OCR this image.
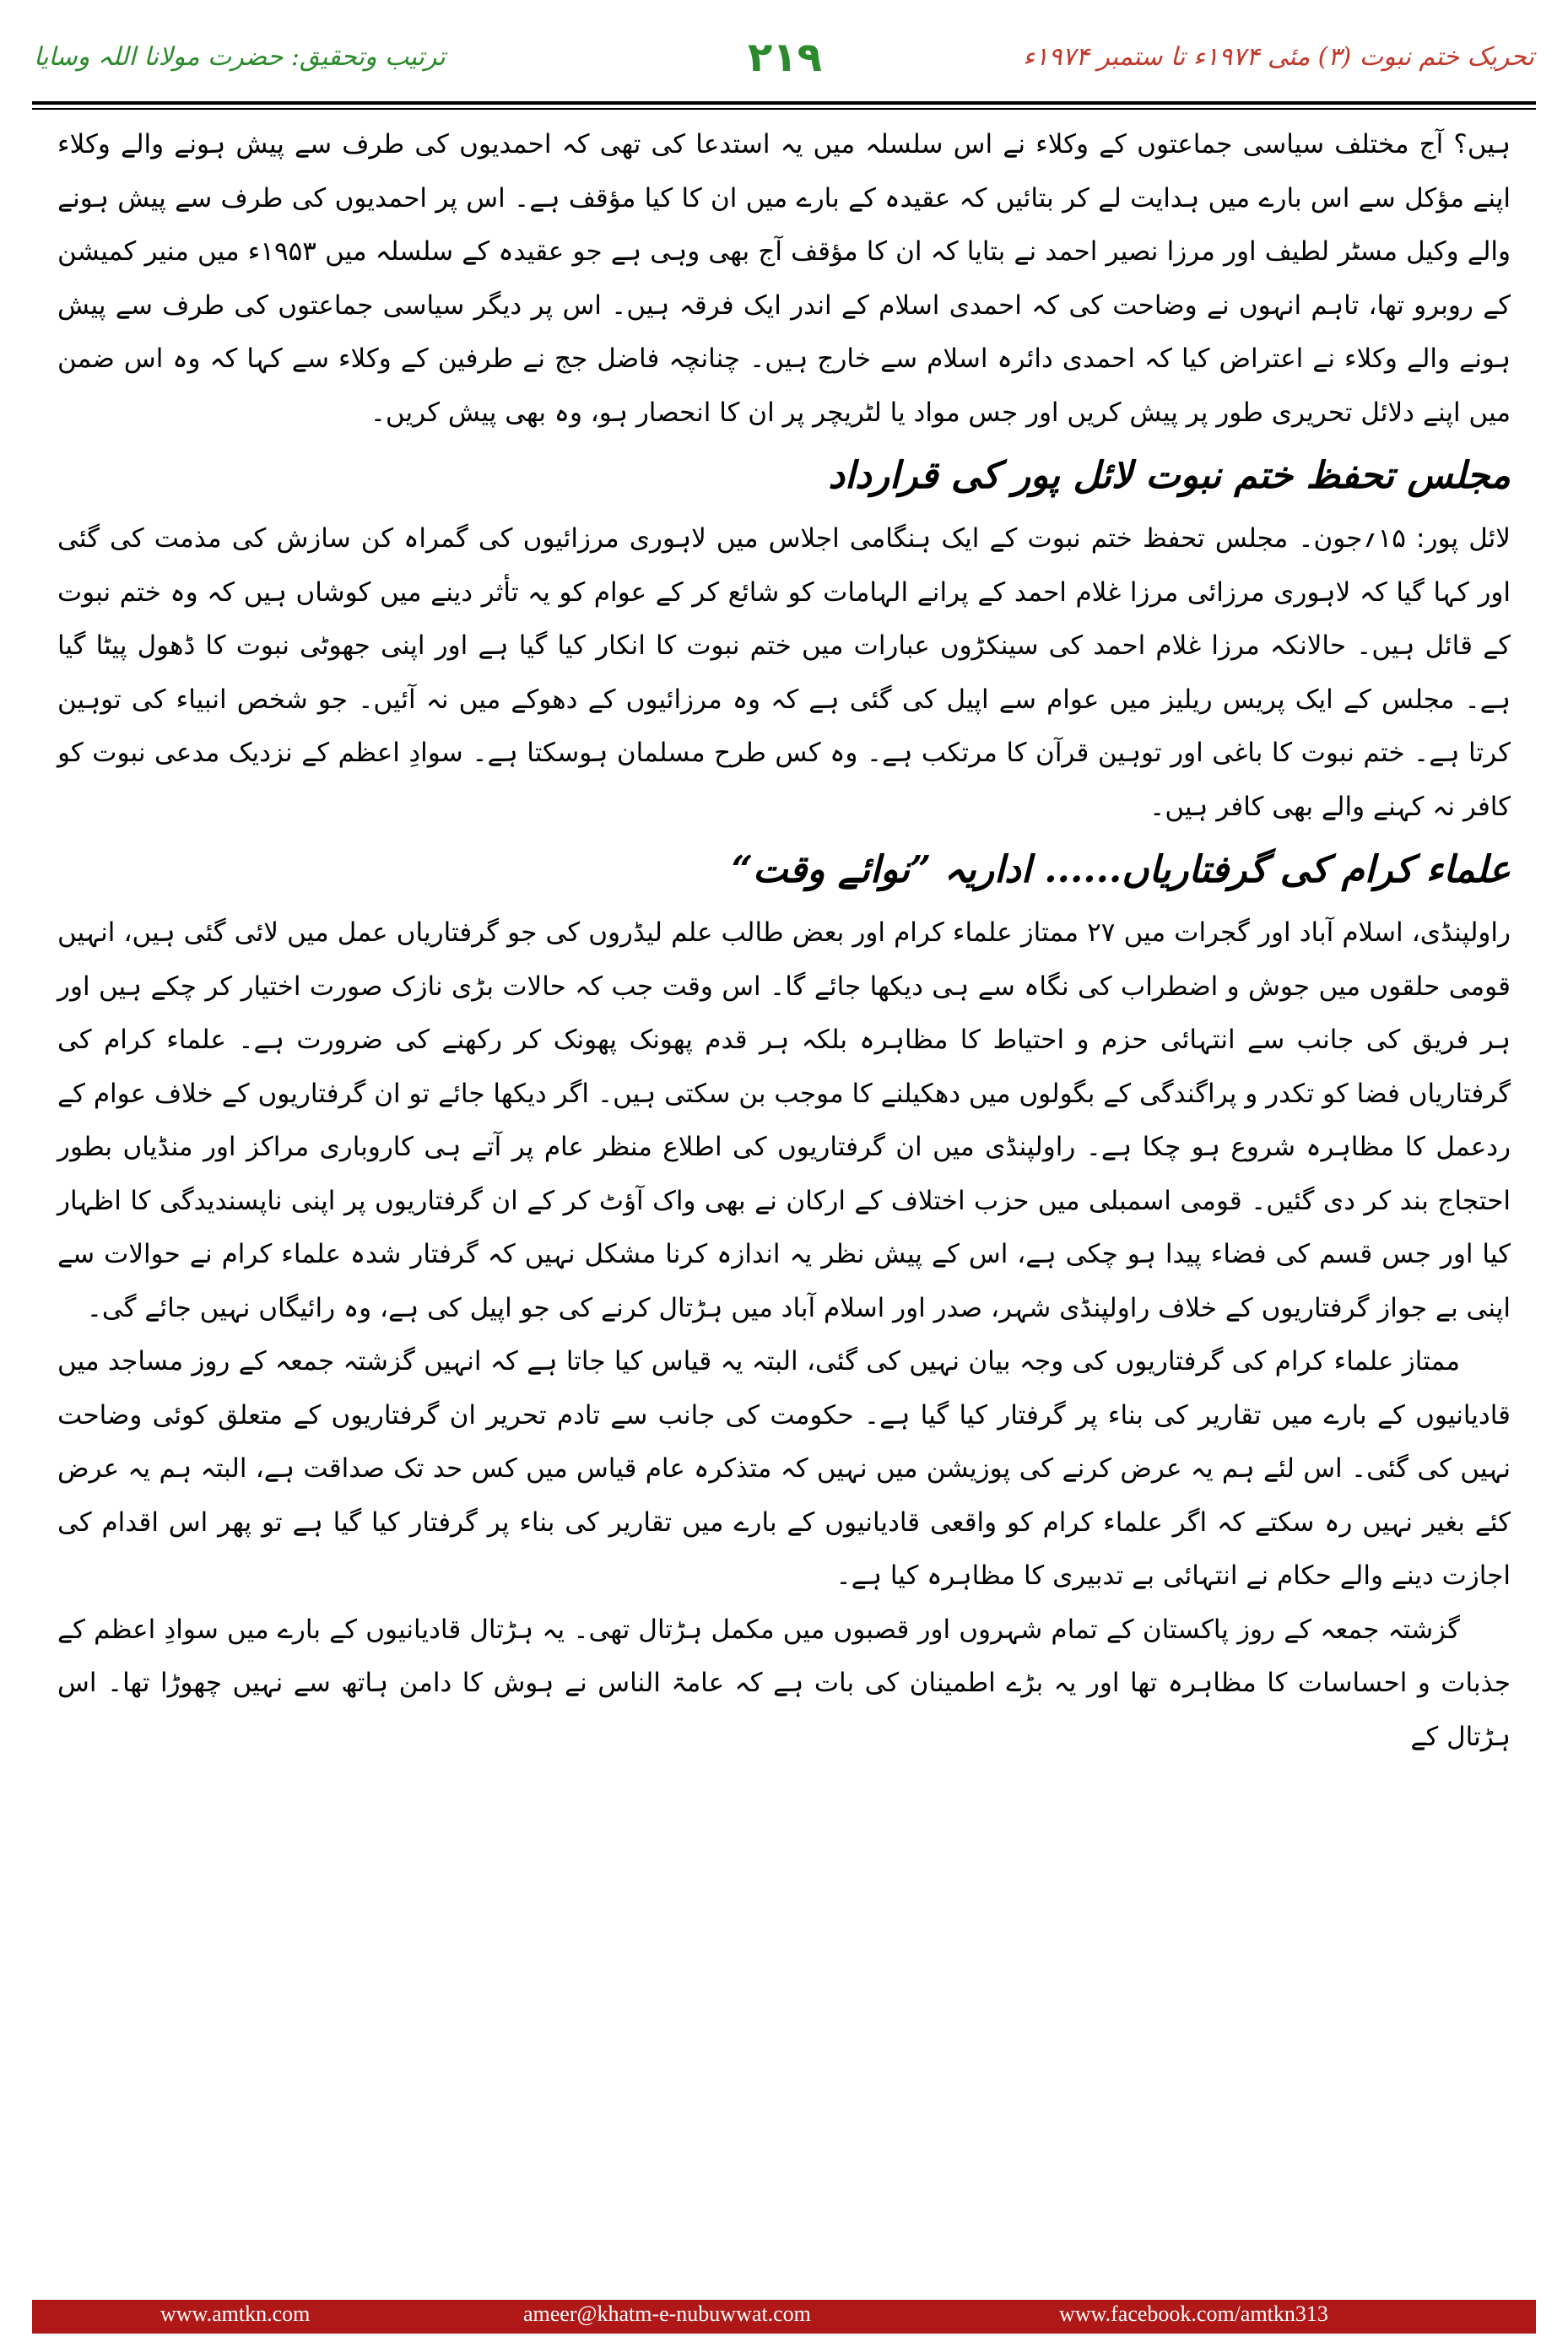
ترتیب وتحقیق: حضرت مولانا اللہ وسایا	۲۱۹	تحریک ختم نبوت (۳) مئی ۱۹۷۴ء تا ستمبر ۱۹۷۴ء

ہیں؟ آج مختلف سیاسی جماعتوں کے وکلاء نے اس سلسلہ میں یہ استدعا کی تھی کہ احمدیوں کی طرف سے پیش ہونے والے وکلاء اپنے مؤکل سے اس بارے میں ہدایت لے کر بتائیں کہ عقیدہ کے بارے میں ان کا کیا مؤقف ہے۔ اس پر احمدیوں کی طرف سے پیش ہونے والے وکیل مسٹر لطیف اور مرزا نصیر احمد نے بتایا کہ ان کا مؤقف آج بھی وہی ہے جو عقیدہ کے سلسلہ میں ۱۹۵۳ء میں منیر کمیشن کے روبرو تھا، تاہم انہوں نے وضاحت کی کہ احمدی اسلام کے اندر ایک فرقہ ہیں۔ اس پر دیگر سیاسی جماعتوں کی طرف سے پیش ہونے والے وکلاء نے اعتراض کیا کہ احمدی دائرہ اسلام سے خارج ہیں۔ چنانچہ فاضل جج نے طرفین کے وکلاء سے کہا کہ وہ اس ضمن میں اپنے دلائل تحریری طور پر پیش کریں اور جس مواد یا لٹریچر پر ان کا انحصار ہو، وہ بھی پیش کریں۔

مجلس تحفظ ختم نبوت لائل پور کی قرارداد

لائل پور: ۱۵؍جون۔ مجلس تحفظ ختم نبوت کے ایک ہنگامی اجلاس میں لاہوری مرزائیوں کی گمراہ کن سازش کی مذمت کی گئی اور کہا گیا کہ لاہوری مرزائی مرزا غلام احمد کے پرانے الہامات کو شائع کر کے عوام کو یہ تأثر دینے میں کوشاں ہیں کہ وہ ختم نبوت کے قائل ہیں۔ حالانکہ مرزا غلام احمد کی سینکڑوں عبارات میں ختم نبوت کا انکار کیا گیا ہے اور اپنی جھوٹی نبوت کا ڈھول پیٹا گیا ہے۔ مجلس کے ایک پریس ریلیز میں عوام سے اپیل کی گئی ہے کہ وہ مرزائیوں کے دھوکے میں نہ آئیں۔ جو شخص انبیاء کی توہین کرتا ہے۔ ختم نبوت کا باغی اور توہین قرآن کا مرتکب ہے۔ وہ کس طرح مسلمان ہوسکتا ہے۔ سوادِ اعظم کے نزدیک مدعی نبوت کو کافر نہ کہنے والے بھی کافر ہیں۔

علماء کرام کی گرفتاریاں...... اداریہ ”نوائے وقت“

راولپنڈی، اسلام آباد اور گجرات میں ۲۷ ممتاز علماء کرام اور بعض طالب علم لیڈروں کی جو گرفتاریاں عمل میں لائی گئی ہیں، انہیں قومی حلقوں میں جوش و اضطراب کی نگاہ سے ہی دیکھا جائے گا۔ اس وقت جب کہ حالات بڑی نازک صورت اختیار کر چکے ہیں اور ہر فریق کی جانب سے انتہائی حزم و احتیاط کا مظاہرہ بلکہ ہر قدم پھونک پھونک کر رکھنے کی ضرورت ہے۔ علماء کرام کی گرفتاریاں فضا کو تکدر و پراگندگی کے بگولوں میں دھکیلنے کا موجب بن سکتی ہیں۔ اگر دیکھا جائے تو ان گرفتاریوں کے خلاف عوام کے ردعمل کا مظاہرہ شروع ہو چکا ہے۔ راولپنڈی میں ان گرفتاریوں کی اطلاع منظر عام پر آتے ہی کاروباری مراکز اور منڈیاں بطور احتجاج بند کر دی گئیں۔ قومی اسمبلی میں حزب اختلاف کے ارکان نے بھی واک آؤٹ کر کے ان گرفتاریوں پر اپنی ناپسندیدگی کا اظہار کیا اور جس قسم کی فضاء پیدا ہو چکی ہے، اس کے پیش نظر یہ اندازہ کرنا مشکل نہیں کہ گرفتار شدہ علماء کرام نے حوالات سے اپنی بے جواز گرفتاریوں کے خلاف راولپنڈی شہر، صدر اور اسلام آباد میں ہڑتال کرنے کی جو اپیل کی ہے، وہ رائیگاں نہیں جائے گی۔

ممتاز علماء کرام کی گرفتاریوں کی وجہ بیان نہیں کی گئی، البتہ یہ قیاس کیا جاتا ہے کہ انہیں گزشتہ جمعہ کے روز مساجد میں قادیانیوں کے بارے میں تقاریر کی بناء پر گرفتار کیا گیا ہے۔ حکومت کی جانب سے تادم تحریر ان گرفتاریوں کے متعلق کوئی وضاحت نہیں کی گئی۔ اس لئے ہم یہ عرض کرنے کی پوزیشن میں نہیں کہ متذکرہ عام قیاس میں کس حد تک صداقت ہے، البتہ ہم یہ عرض کئے بغیر نہیں رہ سکتے کہ اگر علماء کرام کو واقعی قادیانیوں کے بارے میں تقاریر کی بناء پر گرفتار کیا گیا ہے تو پھر اس اقدام کی اجازت دینے والے حکام نے انتہائی بے تدبیری کا مظاہرہ کیا ہے۔

گزشتہ جمعہ کے روز پاکستان کے تمام شہروں اور قصبوں میں مکمل ہڑتال تھی۔ یہ ہڑتال قادیانیوں کے بارے میں سوادِ اعظم کے جذبات و احساسات کا مظاہرہ تھا اور یہ بڑے اطمینان کی بات ہے کہ عامۃ الناس نے ہوش کا دامن ہاتھ سے نہیں چھوڑا تھا۔ اس ہڑتال کے

www.amtkn.com	ameer@khatm-e-nubuwwat.com	www.facebook.com/amtkn313
